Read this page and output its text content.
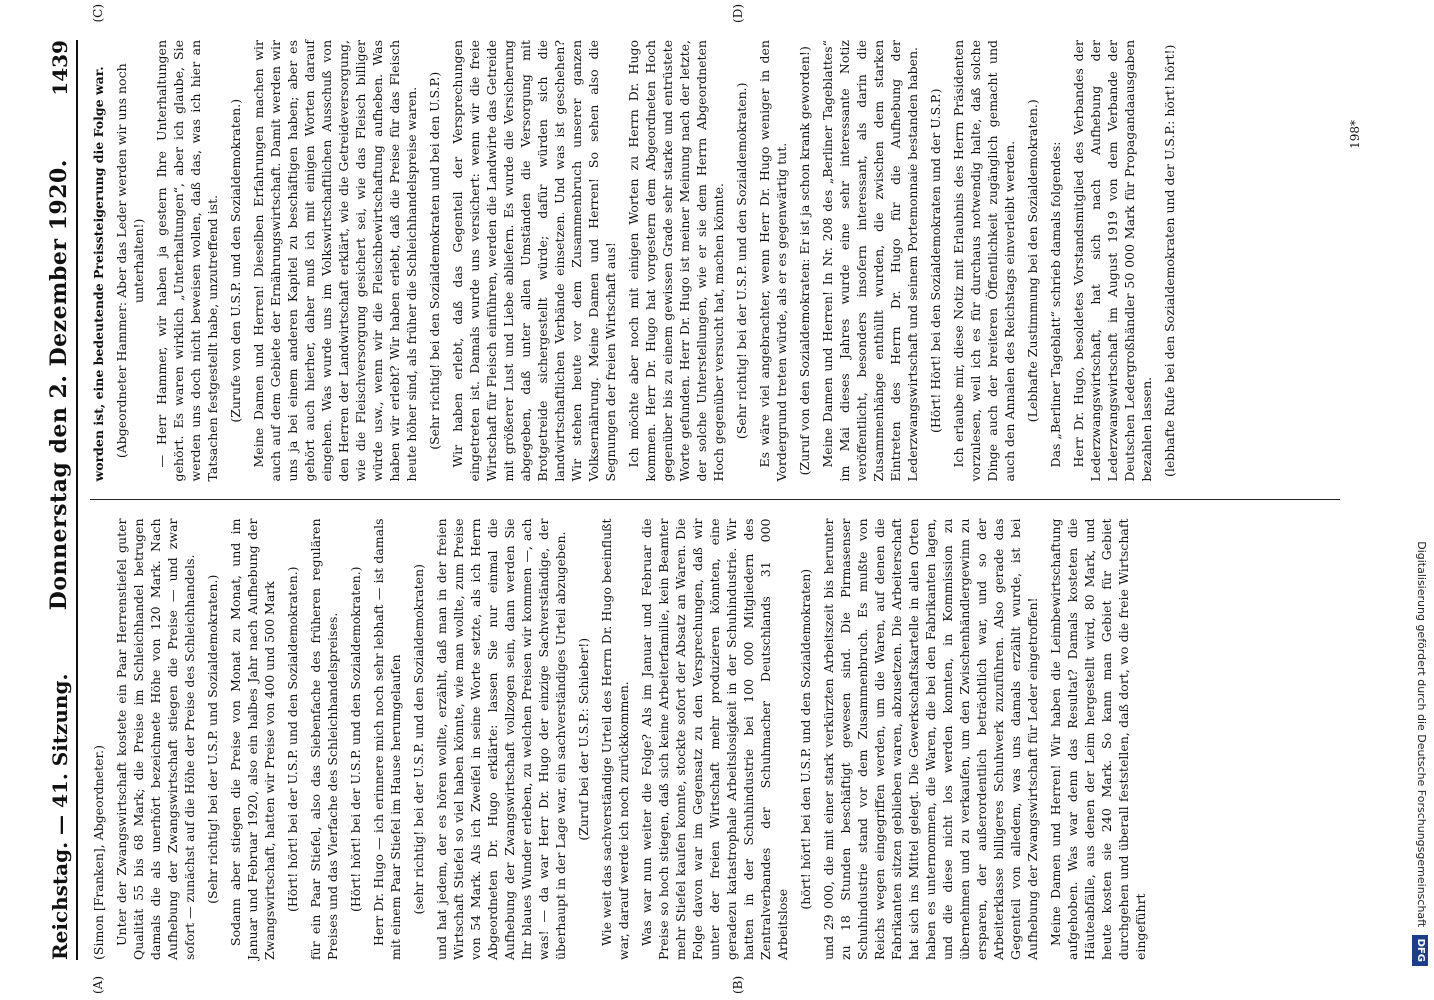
Reichstag. — 41. Sitzung.
Donnerstag den 2. Dezember 1920.
1439
(A)	(B)

(Simon [Franken], Abgeordneter.) Unter der Zwangswirtschaft kostete ein Paar Herrenstiefel guter Qualität 55 bis 68 Mark; die Preise im Schleichhandel betrugen damals die als unerhört bezeichnete Höhe von 120 Mark. Nach Aufhebung der Zwangswirtschaft stiegen die Preise — und zwar sofort — zunächst auf die Höhe der Preise des Schleichhandels. (Sehr richtig! bei der U.S.P. und Sozialdemokraten.) Sodann aber stiegen die Preise von Monat zu Monat, und im Januar und Februar 1920, also ein halbes Jahr nach Aufhebung der Zwangswirtschaft, hatten wir Preise von 400 und 500 Mark (Hört! hört! bei der U.S.P. und den Sozialdemokraten.) für ein Paar Stiefel, also das Siebenfache des früheren regulären Preises und das Vierfache des Schleichhandelspreises. (Hört! hört! bei der U.S.P. und den Sozialdemokraten.) Herr Dr. Hugo — ich erinnere mich noch sehr lebhaft — ist damals mit einem Paar Stiefel im Hause herumgelaufen (sehr richtig! bei der U.S.P. und den Sozialdemokraten) und hat jedem, der es hören wollte, erzählt, daß man in der freien Wirtschaft Stiefel so viel haben könnte, wie man wollte, zum Preise von 54 Mark. Als ich Zweifel in seine Worte setzte, als ich Herrn Abgeordneten Dr. Hugo erklärte: lassen Sie nur einmal die Aufhebung der Zwangswirtschaft vollzogen sein, dann werden Sie Ihr blaues Wunder erleben, zu welchen Preisen wir kommen —, ach was! — da war Herr Dr. Hugo der einzige Sachverständige, der überhaupt in der Lage war, ein sachverständiges Urteil abzugeben. (Zuruf bei der U.S.P.: Schieber!) Wie weit das sachverständige Urteil des Herrn Dr. Hugo beeinflußt war, darauf werde ich noch zurückkommen. Was war nun weiter die Folge? Als im Januar und Februar die Preise so hoch stiegen, daß sich keine Arbeiterfamilie, kein Beamter mehr Stiefel kaufen konnte, stockte sofort der Absatz an Waren. Die Folge davon war im Gegensatz zu den Versprechungen, daß wir unter der freien Wirtschaft mehr produzieren könnten, eine geradezu katastrophale Arbeitslosigkeit in der Schuhindustrie. Wir hatten in der Schuhindustrie bei 100 000 Mitgliedern des Zentralverbandes der Schuhmacher Deutschlands 31 000 Arbeitslose

(hört! hört! bei den U.S.P. und den Sozialdemokraten) und 29 000, die mit einer stark verkürzten Arbeitszeit bis herunter zu 18 Stunden beschäftigt gewesen sind. Die Pirmasenser Schuhindustrie stand vor dem Zusammenbruch. Es mußte von Reichs wegen eingegriffen werden, um die Waren, auf denen die Fabrikanten sitzen geblieben waren, abzusetzen. Die Arbeiterschaft hat sich ins Mittel gelegt. Die Gewerkschaftskartelle in allen Orten haben es unternommen, die Waren, die bei den Fabrikanten lagen, und die diese nicht los werden konnten, in Kommission zu übernehmen und zu verkaufen, um den Zwischenhändlergewinn zu ersparen, der außerordentlich beträchtlich war, und so der Arbeiterklasse billigeres Schuhwerk zuzuführen. Also gerade das Gegenteil von alledem, was uns damals erzählt wurde, ist bei Aufhebung der Zwangswirtschaft für Leder eingetroffen! Meine Damen und Herren! Wir haben die Leimbewirtschaftung aufgehoben. Was war denn das Resultat? Damals kosteten die Häuteabfälle, aus denen der Leim hergestellt wird, 80 Mark, und heute kosten sie 240 Mark. So kann man Gebiet für Gebiet durchgehen und überall feststellen, daß dort, wo die freie Wirtschaft eingeführt

(C)	(D)

worden ist, eine bedeutende Preissteigerung die Folge war. (Abgeordneter Hammer: Aber das Leder werden wir uns noch unterhalten!) — Herr Hammer, wir haben ja gestern Ihre Unterhaltungen gehört. Es waren wirklich „Unterhaltungen“, aber ich glaube, Sie werden uns doch nicht beweisen wollen, daß das, was ich hier an Tatsachen festgestellt habe, unzutreffend ist. (Zurufe von den U.S.P. und den Sozialdemokraten.) Meine Damen und Herren! Dieselben Erfahrungen machen wir auch auf dem Gebiete der Ernährungswirtschaft. Damit werden wir uns ja bei einem anderen Kapitel zu beschäftigen haben; aber es gehört auch hierher, daher muß ich mit einigen Worten darauf eingehen. Was wurde uns im Volkswirtschaftlichen Ausschuß von den Herren der Landwirtschaft erklärt, wie die Getreideversorgung, wie die Fleischversorgung gesichert sei, wie das Fleisch billiger würde usw., wenn wir die Fleischbewirtschaftung aufheben. Was haben wir erlebt? Wir haben erlebt, daß die Preise für das Fleisch heute höher sind, als früher die Schleichhandelspreise waren. (Sehr richtig! bei den Sozialdemokraten und bei den U.S.P.) Wir haben erlebt, daß das Gegenteil der Versprechungen eingetreten ist. Damals wurde uns versichert: wenn wir die freie Wirtschaft für Fleisch einführen, werden die Landwirte das Getreide mit größerer Lust und Liebe abliefern. Es wurde die Versicherung abgegeben, daß unter allen Umständen die Versorgung mit Brotgetreide sichergestellt würde; dafür würden sich die landwirtschaftlichen Verbände einsetzen. Und was ist geschehen? Wir stehen heute vor dem Zusammenbruch unserer ganzen Volksernährung. Meine Damen und Herren! So sehen also die Segnungen der freien Wirtschaft aus! Ich möchte aber noch mit einigen Worten zu Herrn Dr. Hugo kommen. Herr Dr. Hugo hat vorgestern dem Abgeordneten Hoch gegenüber bis zu einem gewissen Grade sehr starke und entrüstete Worte gefunden. Herr Dr. Hugo ist meiner Meinung nach der letzte, der solche Unterstellungen, wie er sie dem Herrn Abgeordneten Hoch gegenüber versucht hat, machen könnte. (Sehr richtig! bei der U.S.P. und den Sozialdemokraten.) Es wäre viel angebrachter, wenn Herr Dr. Hugo weniger in den Vordergrund treten würde, als er es gegenwärtig tut. (Zuruf von den Sozialdemokraten: Er ist ja schon krank geworden!) Meine Damen und Herren! In Nr. 208 des „Berliner Tageblattes“ im Mai dieses Jahres wurde eine sehr interessante Notiz veröffentlicht, besonders insofern interessant, als darin die Zusammenhänge enthüllt wurden, die zwischen dem starken Eintreten des Herrn Dr. Hugo für die Aufhebung der Lederzwangswirtschaft und seinem Portemonnaie bestanden haben. (Hört! Hört! bei den Sozialdemokraten und der U.S.P.) Ich erlaube mir, diese Notiz mit Erlaubnis des Herrn Präsidenten vorzulesen, weil ich es für durchaus notwendig halte, daß solche Dinge auch der breiteren Öffentlichkeit zugänglich gemacht und auch den Annalen des Reichstags einverleibt werden. (Lebhafte Zustimmung bei den Sozialdemokraten.) Das „Berliner Tageblatt“ schrieb damals folgendes: Herr Dr. Hugo, besoldetes Vorstandsmitglied des Verbandes der Lederzwangswirtschaft, hat sich nach Aufhebung der Lederzwangswirtschaft im August 1919 von dem Verbande der Deutschen Ledergroßhändler 50 000 Mark für Propagandaausgaben bezahlen lassen. (lebhafte Rufe bei den Sozialdemokraten und der U.S.P.: hört! hört!)	198*
Digitalisierung gefördert durch die Deutsche Forschungsgemeinschaft DFG
